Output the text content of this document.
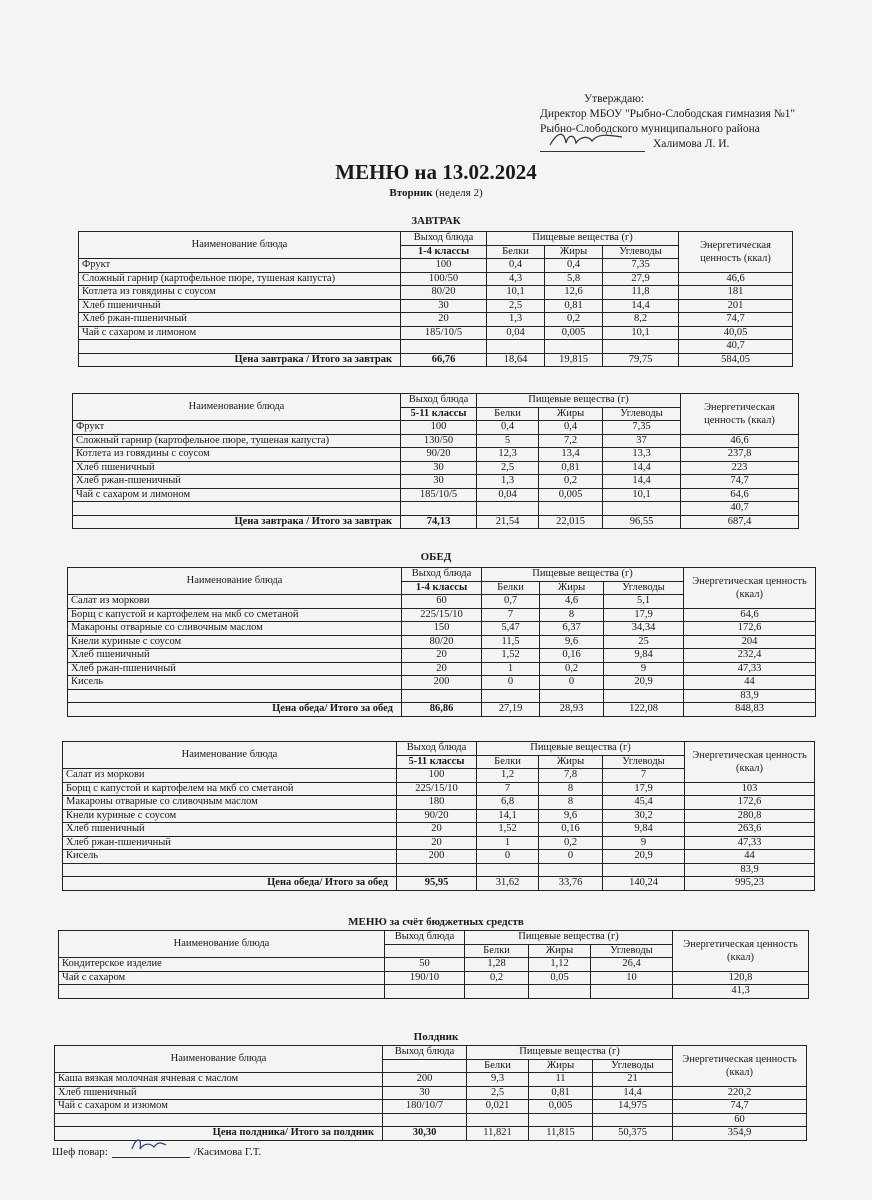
Утверждаю:
Директор МБОУ "Рыбно-Слободская гимназия №1"
Рыбно-Слободского муниципального района
Халимова Л. И.
МЕНЮ на 13.02.2024
Вторник (неделя 2)
ЗАВТРАК
ОБЕД
МЕНЮ за счёт бюджетных средств
Полдник
Наименование блюда	Выход блюда	Пищевые вещества (г)			Энергетическая ценность (ккал)
	1-4 классы	Белки	Жиры	Углеводы	
Фрукт	100	0,4	0,4	7,35	
Сложный гарнир (картофельное пюре, тушеная капуста)	100/50	4,3	5,8	27,9	46,6
Котлета из говядины с соусом	80/20	10,1	12,6	11,8	181
Хлеб пшеничный	30	2,5	0,81	14,4	201
Хлеб ржан-пшеничный	20	1,3	0,2	8,2	74,7
Чай с сахаром и лимоном	185/10/5	0,04	0,005	10,1	40,05
					40,7
Цена завтрака / Итого за завтрак	66,76	18,64	19,815	79,75	584,05
Наименование блюда	Выход блюда	Пищевые вещества (г)			Энергетическая ценность (ккал)
	5-11 классы	Белки	Жиры	Углеводы	
Фрукт	100	0,4	0,4	7,35	
Сложный гарнир (картофельное пюре, тушеная капуста)	130/50	5	7,2	37	46,6
Котлета из говядины с соусом	90/20	12,3	13,4	13,3	237,8
Хлеб пшеничный	30	2,5	0,81	14,4	223
Хлеб ржан-пшеничный	30	1,3	0,2	14,4	74,7
Чай с сахаром и лимоном	185/10/5	0,04	0,005	10,1	64,6
					40,7
Цена завтрака / Итого за завтрак	74,13	21,54	22,015	96,55	687,4
Наименование блюда	Выход блюда	Пищевые вещества (г)			Энергетическая ценность (ккал)
	1-4 классы	Белки	Жиры	Углеводы	
Салат из моркови	60	0,7	4,6	5,1	
Борщ с капустой и картофелем на мкб со сметаной	225/15/10	7	8	17,9	64,6
Макароны отварные со сливочным маслом	150	5,47	6,37	34,34	172,6
Кнели куриные с соусом	80/20	11,5	9,6	25	204
Хлеб пшеничный	20	1,52	0,16	9,84	232,4
Хлеб ржан-пшеничный	20	1	0,2	9	47,33
Кисель	200	0	0	20,9	44
					83,9
Цена обеда/ Итого за обед	86,86	27,19	28,93	122,08	848,83
Наименование блюда	Выход блюда	Пищевые вещества (г)			Энергетическая ценность (ккал)
	5-11 классы	Белки	Жиры	Углеводы	
Салат из моркови	100	1,2	7,8	7	
Борщ с капустой и картофелем на мкб со сметаной	225/15/10	7	8	17,9	103
Макароны отварные со сливочным маслом	180	6,8	8	45,4	172,6
Кнели куриные с соусом	90/20	14,1	9,6	30,2	280,8
Хлеб пшеничный	20	1,52	0,16	9,84	263,6
Хлеб ржан-пшеничный	20	1	0,2	9	47,33
Кисель	200	0	0	20,9	44
					83,9
Цена обеда/ Итого за обед	95,95	31,62	33,76	140,24	995,23
Наименование блюда	Выход блюда	Пищевые вещества (г)			Энергетическая ценность (ккал)
		Белки	Жиры	Углеводы	
Кондитерское изделие	50	1,28	1,12	26,4	
Чай с сахаром	190/10	0,2	0,05	10	120,8
					41,3
Наименование блюда	Выход блюда	Пищевые вещества (г)			Энергетическая ценность (ккал)
		Белки	Жиры	Углеводы	
Каша вязкая молочная ячневая с маслом	200	9,3	11	21	
Хлеб пшеничный	30	2,5	0,81	14,4	220,2
Чай с сахаром и изюмом	180/10/7	0,021	0,005	14,975	74,7
					60
Цена полдника/ Итого за полдник	30,30	11,821	11,815	50,375	354,9
Шеф повар:	/Касимова Г.Т.
